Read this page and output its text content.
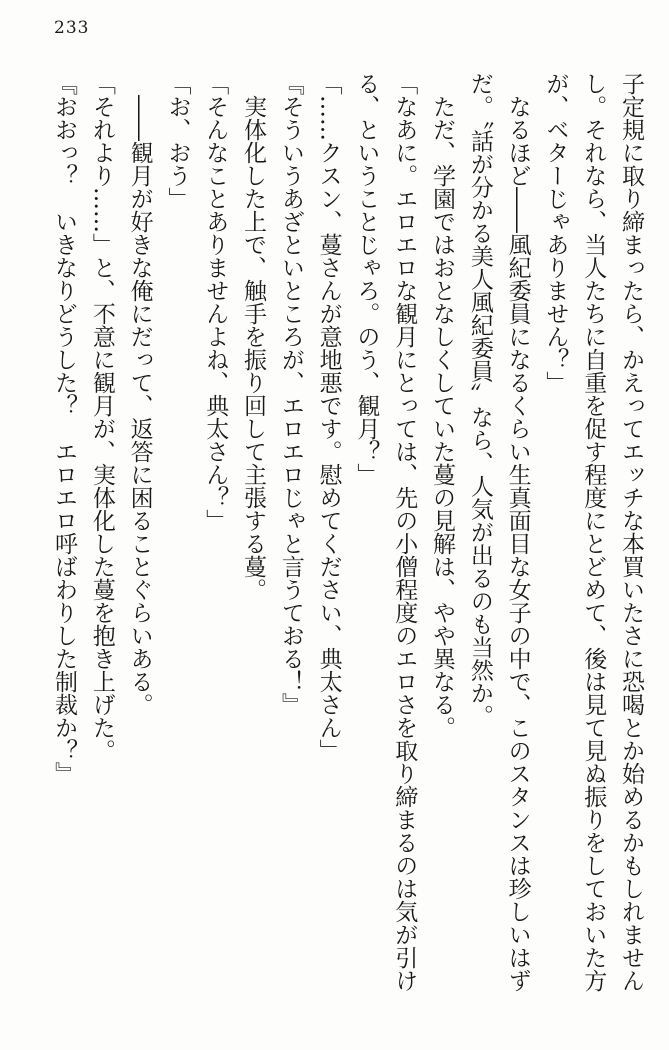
233
子定規に取り締まったら、かえってエッチな本買いたさに恐喝とか始めるかもしれません
し。それなら、当人たちに自重を促す程度にとどめて、後は見て見ぬ振りをしておいた方
が、ベターじゃありません？」
　なるほど――風紀委員になるくらい生真面目な女子の中で、このスタンスは珍しいはず
だ。〝話が分かる美人風紀委員〟なら、人気が出るのも当然か。
　ただ、学園ではおとなしくしていた蔓の見解は、やや異なる。
「なあに。エロエロな観月にとっては、先の小僧程度のエロさを取り締まるのは気が引け
る、ということじゃろ。のう、観月？」
「……クスン、蔓さんが意地悪です。慰めてください、典太さん」
『そういうあざといところが、エロエロじゃと言うておる！』
　実体化した上で、触手を振り回して主張する蔓。
「そんなことありませんよね、典太さん？」
「お、おう」
　――観月が好きな俺にだって、返答に困ることぐらいある。
「それより……」と、不意に観月が、実体化した蔓を抱き上げた。
『おおっ？　いきなりどうした？　エロエロ呼ばわりした制裁か？』
